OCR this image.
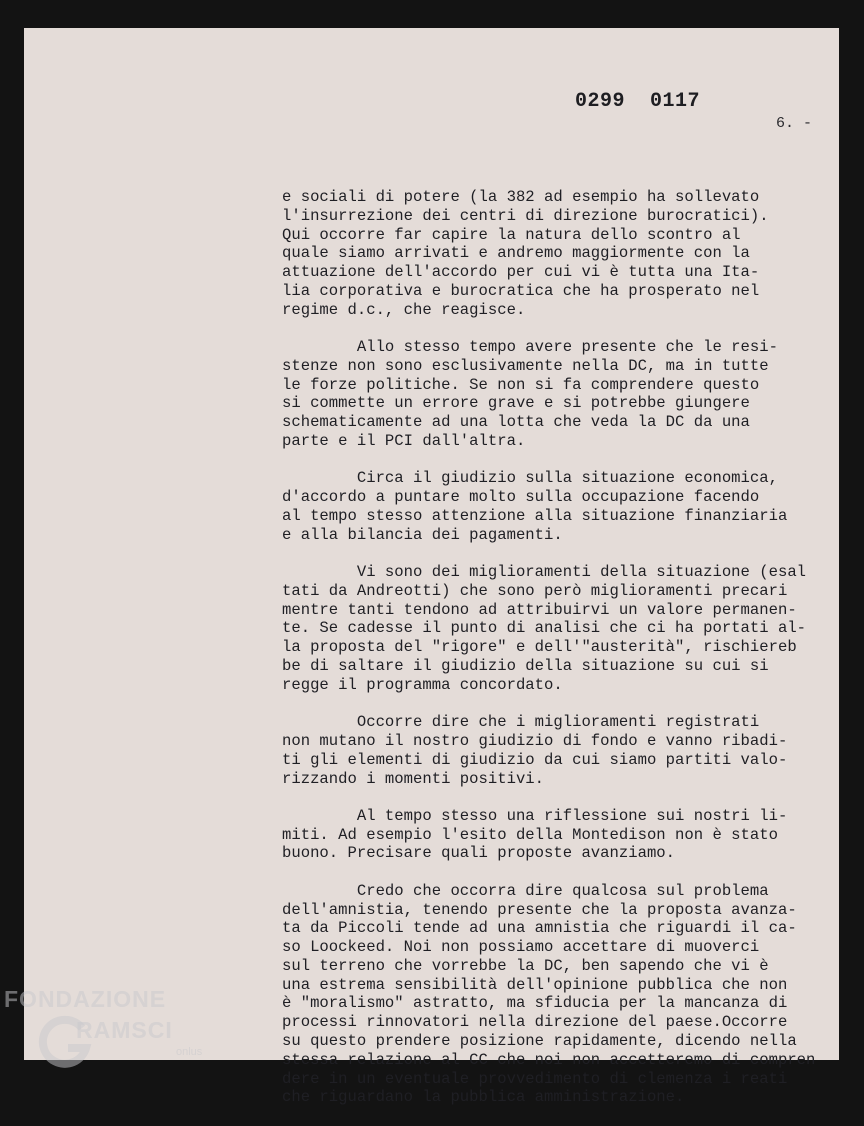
0299  0117
6. -
e sociali di potere (la 382 ad esempio ha sollevato
l'insurrezione dei centri di direzione burocratici).
Qui occorre far capire la natura dello scontro al
quale siamo arrivati e andremo maggiormente con la
attuazione dell'accordo per cui vi è tutta una Ita-
lia corporativa e burocratica che ha prosperato nel
regime d.c., che reagisce.
Allo stesso tempo avere presente che le resi-
stenze non sono esclusivamente nella DC, ma in tutte
le forze politiche. Se non si fa comprendere questo
si commette un errore grave e si potrebbe giungere
schematicamente ad una lotta che veda la DC da una
parte e il PCI dall'altra.
Circa il giudizio sulla situazione economica,
d'accordo a puntare molto sulla occupazione facendo
al tempo stesso attenzione alla situazione finanziaria
e alla bilancia dei pagamenti.
Vi sono dei miglioramenti della situazione (esal
tati da Andreotti) che sono però miglioramenti precari
mentre tanti tendono ad attribuirvi un valore permanen-
te. Se cadesse il punto di analisi che ci ha portati al-
la proposta del "rigore" e dell'"austerità", rischiereb
be di saltare il giudizio della situazione su cui si
regge il programma concordato.
Occorre dire che i miglioramenti registrati
non mutano il nostro giudizio di fondo e vanno ribadi-
ti gli elementi di giudizio da cui siamo partiti valo-
rizzando i momenti positivi.
Al tempo stesso una riflessione sui nostri li-
miti. Ad esempio l'esito della Montedison non è stato
buono. Precisare quali proposte avanziamo.
Credo che occorra dire qualcosa sul problema
dell'amnistia, tenendo presente che la proposta avanza-
ta da Piccoli tende ad una amnistia che riguardi il ca-
so Loockeed. Noi non possiamo accettare di muoverci
sul terreno che vorrebbe la DC, ben sapendo che vi è
una estrema sensibilità dell'opinione pubblica che non
è "moralismo" astratto, ma sfiducia per la mancanza di
processi rinnovatori nella direzione del paese.Occorre
su questo prendere posizione rapidamente, dicendo nella
stessa relazione al CC che noi non accetteremo di compren
dere in un eventuale provvedimento di clemenza i reati
che riguardano la pubblica amministrazione.
FONDAZIONE
RAMSCI
onlus
